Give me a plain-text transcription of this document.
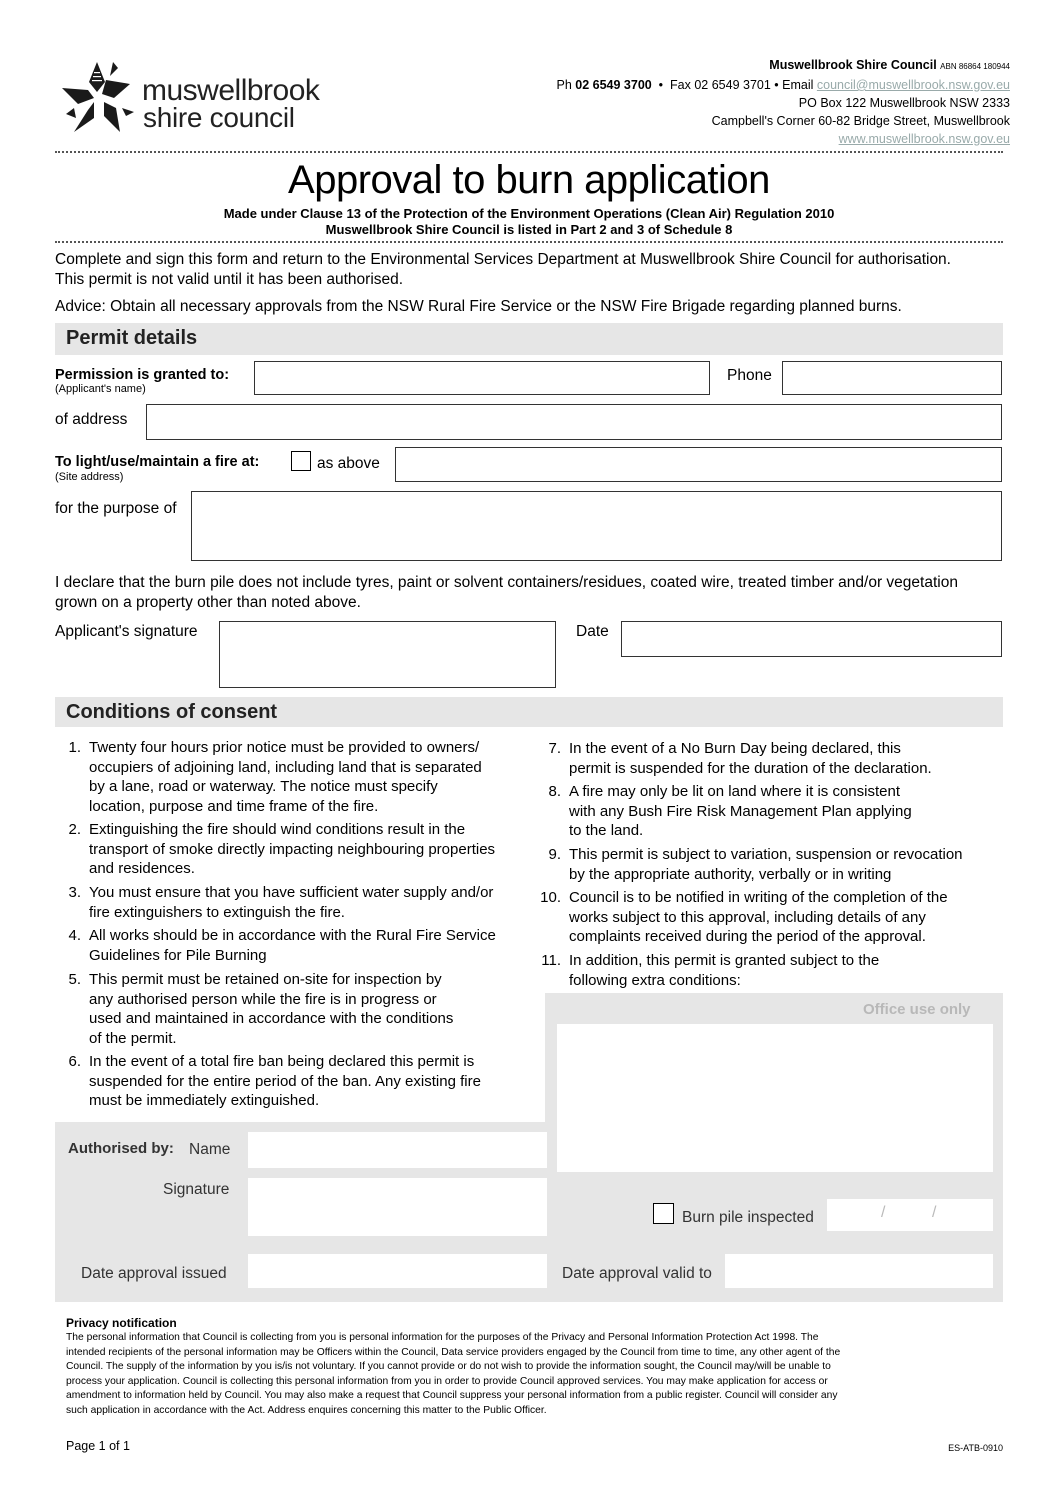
muswellbrook
shire council
Muswellbrook Shire Council ABN 86864 180944
Ph 02 6549 3700  •  Fax 02 6549 3701 • Email council@muswellbrook.nsw.gov.eu
PO Box 122 Muswellbrook NSW 2333
Campbell's Corner 60-82 Bridge Street, Muswellbrook
www.muswellbrook.nsw.gov.eu
Approval to burn application
Made under Clause 13 of the Protection of the Environment Operations (Clean Air) Regulation 2010
Muswellbrook Shire Council is listed in Part 2 and 3 of Schedule 8
Complete and sign this form and return to the Environmental Services Department at Muswellbrook Shire Council for authorisation.
This permit is not valid until it has been authorised.
Advice: Obtain all necessary approvals from the NSW Rural Fire Service or the NSW Fire Brigade regarding planned burns.
Permit details
Permission is granted to:
(Applicant's name)
Phone
of address
To light/use/maintain a fire at:
(Site address)
as above
for the purpose of
I declare that the burn pile does not include tyres, paint or solvent containers/residues, coated wire, treated timber and/or vegetation
grown on a property other than noted above.
Applicant's signature	Date
Conditions of consent
1. Twenty four hours prior notice must be provided to owners/
occupiers of adjoining land, including land that is separated
by a lane, road or waterway. The notice must specify
location, purpose and time frame of the fire.
2. Extinguishing the fire should wind conditions result in the
transport of smoke directly impacting neighbouring properties
and residences.
3. You must ensure that you have sufficient water supply and/or
fire extinguishers to extinguish the fire.
4. All works should be in accordance with the Rural Fire Service
Guidelines for Pile Burning
5. This permit must be retained on-site for inspection by
any authorised person while the fire is in progress or
used and maintained in accordance with the conditions
of the permit.
6. In the event of a total fire ban being declared this permit is
suspended for the entire period of the ban. Any existing fire
must be immediately extinguished.
7. In the event of a No Burn Day being declared, this
permit is suspended for the duration of the declaration.
8. A fire may only be lit on land where it is consistent
with any Bush Fire Risk Management Plan applying
to the land.
9. This permit is subject to variation, suspension or revocation
by the appropriate authority, verbally or in writing
10. Council is to be notified in writing of the completion of the
works subject to this approval, including details of any
complaints received during the period of the approval.
11. In addition, this permit is granted subject to the
following extra conditions:
Office use only
Authorised by: Name
Signature
Burn pile inspected	/	/
Date approval issued	Date approval valid to
Privacy notification
The personal information that Council is collecting from you is personal information for the purposes of the Privacy and Personal Information Protection Act 1998. The
intended recipients of the personal information may be Officers within the Council, Data service providers engaged by the Council from time to time, any other agent of the
Council. The supply of the information by you is/is not voluntary. If you cannot provide or do not wish to provide the information sought, the Council may/will be unable to
process your application. Council is collecting this personal information from you in order to provide Council approved services. You may make application for access or
amendment to information held by Council. You may also make a request that Council suppress your personal information from a public register. Council will consider any
such application in accordance with the Act. Address enquires concerning this matter to the Public Officer.
Page 1 of 1	ES-ATB-0910
